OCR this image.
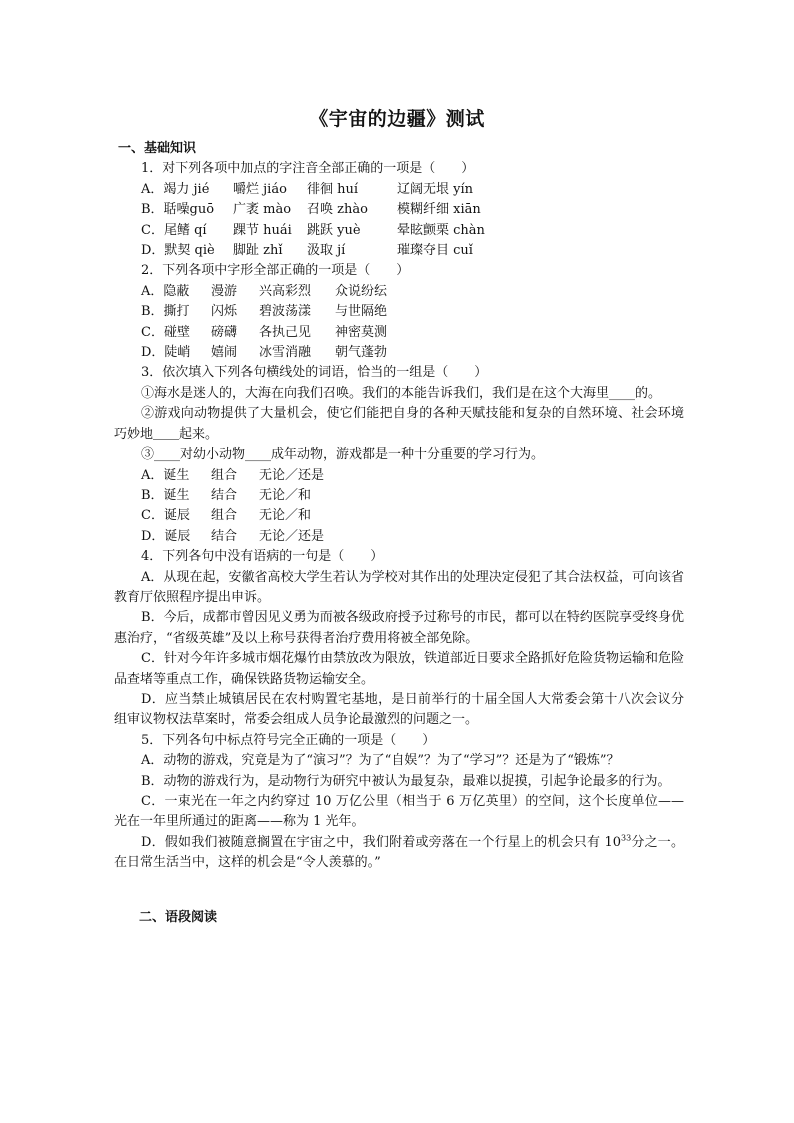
《宇宙的边疆》测试
一、基础知识
1．对下列各项中加点的字注音全部正确的一项是（　　）
A．竭力 jié 嚼烂 jiáo 徘徊 huí	辽阔无垠 yín
B．聒噪guō 广袤 mào 召唤 zhào 模糊纤细 xiān
C．尾鳍 qí 踝节 huái 跳跃 yuè	晕眩颤栗 chàn
D．默契 qiè 脚趾 zhǐ 汲取 jí	璀璨夺目 cuǐ
2．下列各项中字形全部正确的一项是（　　）
A．隐蔽 漫游 兴高彩烈 众说纷纭
B．撕打 闪烁 碧波荡漾 与世隔绝
C．碰壁 磅礴 各执己见 神密莫测
D．陡峭 嬉闹 冰雪消融 朝气蓬勃
3．依次填入下列各句横线处的词语，恰当的一组是（　　）
①海水是迷人的，大海在向我们召唤。我们的本能告诉我们，我们是在这个大海里____的。
②游戏向动物提供了大量机会，使它们能把自身的各种天赋技能和复杂的自然环境、社会环境巧妙地＿＿起来。
③____对幼小动物____成年动物，游戏都是一种十分重要的学习行为。
A．诞生 组合 无论／还是
B．诞生 结合 无论／和
C．诞辰 组合 无论／和
D．诞辰 结合 无论／还是
4．下列各句中没有语病的一句是（　　）
A．从现在起，安徽省高校大学生若认为学校对其作出的处理决定侵犯了其合法权益，可向该省教育厅依照程序提出申诉。
B．今后，成都市曾因见义勇为而被各级政府授予过称号的市民，都可以在特约医院享受终身优惠治疗，“省级英雄”及以上称号获得者治疗费用将被全部免除。
C．针对今年许多城市烟花爆竹由禁放改为限放，铁道部近日要求全路抓好危险货物运输和危险品查堵等重点工作，确保铁路货物运输安全。
D．应当禁止城镇居民在农村购置宅基地，是日前举行的十届全国人大常委会第十八次会议分组审议物权法草案时，常委会组成人员争论最激烈的问题之一。
5．下列各句中标点符号完全正确的一项是（　　）
A．动物的游戏，究竟是为了“演习”？为了“自娱”？为了“学习”？还是为了“锻炼”？
B．动物的游戏行为，是动物行为研究中被认为最复杂，最难以捉摸，引起争论最多的行为。
C．一束光在一年之内约穿过 10 万亿公里（相当于 6 万亿英里）的空间，这个长度单位——光在一年里所通过的距离——称为 1 光年。
D．假如我们被随意搁置在宇宙之中，我们附着或旁落在一个行星上的机会只有 $10^{33}$分之一。在日常生活当中，这样的机会是“令人羡慕的。”
二、语段阅读
